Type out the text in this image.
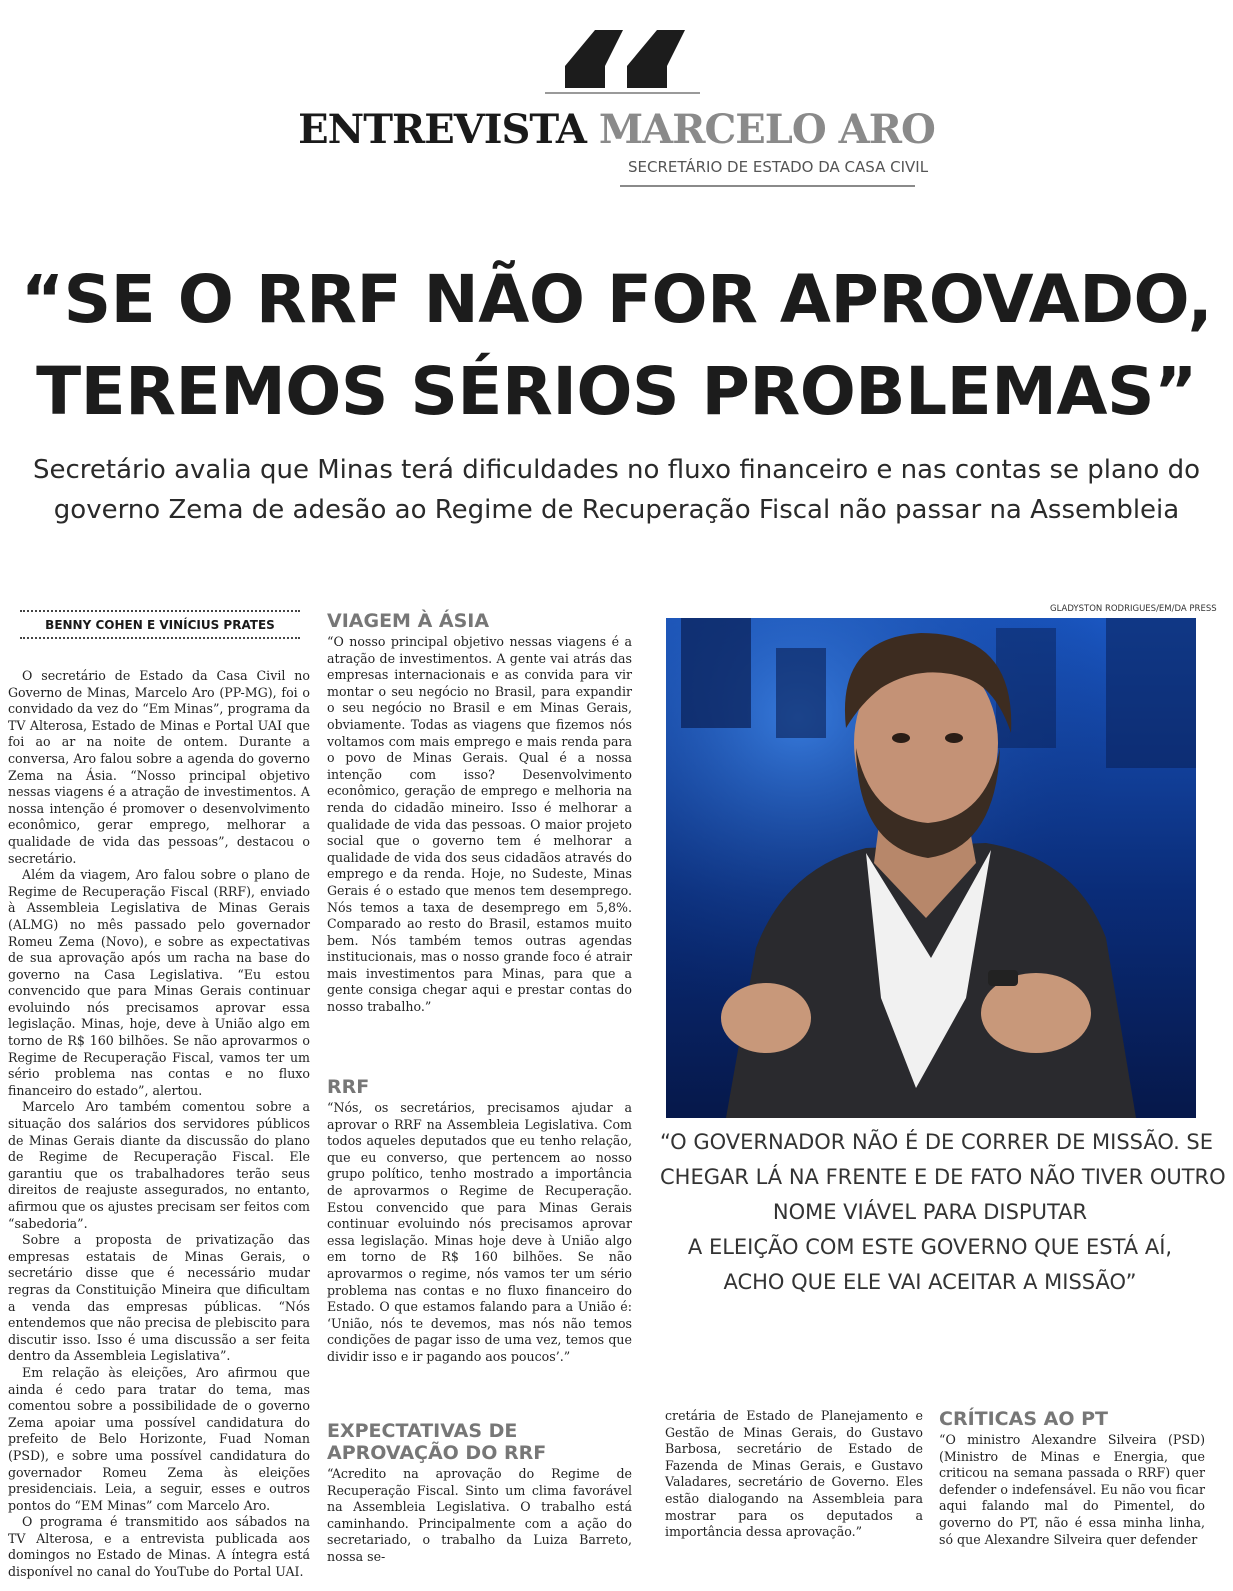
ENTREVISTA MARCELO ARO
SECRETÁRIO DE ESTADO DA CASA CIVIL
“SE O RRF NÃO FOR APROVADO,
TEREMOS SÉRIOS PROBLEMAS”
Secretário avalia que Minas terá dificuldades no fluxo financeiro e nas contas se plano do
governo Zema de adesão ao Regime de Recuperação Fiscal não passar na Assembleia
BENNY COHEN E VINÍCIUS PRATES

O secretário de Estado da Casa Civil no Governo de Minas, Marcelo Aro (PP-MG), foi o convidado da vez do “Em Minas”, programa da TV Alterosa, Estado de Minas e Portal UAI que foi ao ar na noite de ontem. Durante a conversa, Aro falou sobre a agenda do governo Zema na Ásia. “Nosso principal objetivo nessas viagens é a atração de investimentos. A nossa intenção é promover o desenvolvimento econômico, gerar emprego, melhorar a qualidade de vida das pessoas”, destacou o secretário.

Além da viagem, Aro falou sobre o plano de Regime de Recuperação Fiscal (RRF), enviado à Assembleia Legislativa de Minas Gerais (ALMG) no mês passado pelo governador Romeu Zema (Novo), e sobre as expectativas de sua aprovação após um racha na base do governo na Casa Legislativa. “Eu estou convencido que para Minas Gerais continuar evoluindo nós precisamos aprovar essa legislação. Minas, hoje, deve à União algo em torno de R$ 160 bilhões. Se não aprovarmos o Regime de Recuperação Fiscal, vamos ter um sério problema nas contas e no fluxo financeiro do estado”, alertou.

Marcelo Aro também comentou sobre a situação dos salários dos servidores públicos de Minas Gerais diante da discussão do plano de Regime de Recuperação Fiscal. Ele garantiu que os trabalhadores terão seus direitos de reajuste assegurados, no entanto, afirmou que os ajustes precisam ser feitos com “sabedoria”.

Sobre a proposta de privatização das empresas estatais de Minas Gerais, o secretário disse que é necessário mudar regras da Constituição Mineira que dificultam a venda das empresas públicas. “Nós entendemos que não precisa de plebiscito para discutir isso. Isso é uma discussão a ser feita dentro da Assembleia Legislativa”.

Em relação às eleições, Aro afirmou que ainda é cedo para tratar do tema, mas comentou sobre a possibilidade de o governo Zema apoiar uma possível candidatura do prefeito de Belo Horizonte, Fuad Noman (PSD), e sobre uma possível candidatura do governador Romeu Zema às eleições presidenciais. Leia, a seguir, esses e outros pontos do “EM Minas” com Marcelo Aro.

O programa é transmitido aos sábados na TV Alterosa, e a entrevista publicada aos domingos no Estado de Minas. A íntegra está disponível no canal do YouTube do Portal UAI.

VIAGEM À ÁSIA

“O nosso principal objetivo nessas viagens é a atração de investimentos. A gente vai atrás das empresas internacionais e as convida para vir montar o seu negócio no Brasil, para expandir o seu negócio no Brasil e em Minas Gerais, obviamente. Todas as viagens que fizemos nós voltamos com mais emprego e mais renda para o povo de Minas Gerais. Qual é a nossa intenção com isso? Desenvolvimento econômico, geração de emprego e melhoria na renda do cidadão mineiro. Isso é melhorar a qualidade de vida das pessoas. O maior projeto social que o governo tem é melhorar a qualidade de vida dos seus cidadãos através do emprego e da renda. Hoje, no Sudeste, Minas Gerais é o estado que menos tem desemprego. Nós temos a taxa de desemprego em 5,8%. Comparado ao resto do Brasil, estamos muito bem. Nós também temos outras agendas institucionais, mas o nosso grande foco é atrair mais investimentos para Minas, para que a gente consiga chegar aqui e prestar contas do nosso trabalho.”

RRF

“Nós, os secretários, precisamos ajudar a aprovar o RRF na Assembleia Legislativa. Com todos aqueles deputados que eu tenho relação, que eu converso, que pertencem ao nosso grupo político, tenho mostrado a importância de aprovarmos o Regime de Recuperação. Estou convencido que para Minas Gerais continuar evoluindo nós precisamos aprovar essa legislação. Minas hoje deve à União algo em torno de R$ 160 bilhões. Se não aprovarmos o regime, nós vamos ter um sério problema nas contas e no fluxo financeiro do Estado. O que estamos falando para a União é: ‘União, nós te devemos, mas nós não temos condições de pagar isso de uma vez, temos que dividir isso e ir pagando aos poucos’.”

EXPECTATIVAS DE
APROVAÇÃO DO RRF

“Acredito na aprovação do Regime de Recuperação Fiscal. Sinto um clima favorável na Assembleia Legislativa. O trabalho está caminhando. Principalmente com a ação do secretariado, o trabalho da Luiza Barreto, nossa se-

GLADYSTON RODRIGUES/EM/DA PRESS
“O GOVERNADOR NÃO É DE CORRER DE MISSÃO. SE
CHEGAR LÁ NA FRENTE E DE FATO NÃO TIVER OUTRO
NOME VIÁVEL PARA DISPUTAR
A ELEIÇÃO COM ESTE GOVERNO QUE ESTÁ AÍ,
ACHO QUE ELE VAI ACEITAR A MISSÃO”

cretária de Estado de Planejamento e Gestão de Minas Gerais, do Gustavo Barbosa, secretário de Estado de Fazenda de Minas Gerais, e Gustavo Valadares, secretário de Governo. Eles estão dialogando na Assembleia para mostrar para os deputados a importância dessa aprovação.”

CRÍTICAS AO PT

“O ministro Alexandre Silveira (PSD) (Ministro de Minas e Energia, que criticou na semana passada o RRF) quer defender o indefensável. Eu não vou ficar aqui falando mal do Pimentel, do governo do PT, não é essa minha linha, só que Alexandre Silveira quer defender
